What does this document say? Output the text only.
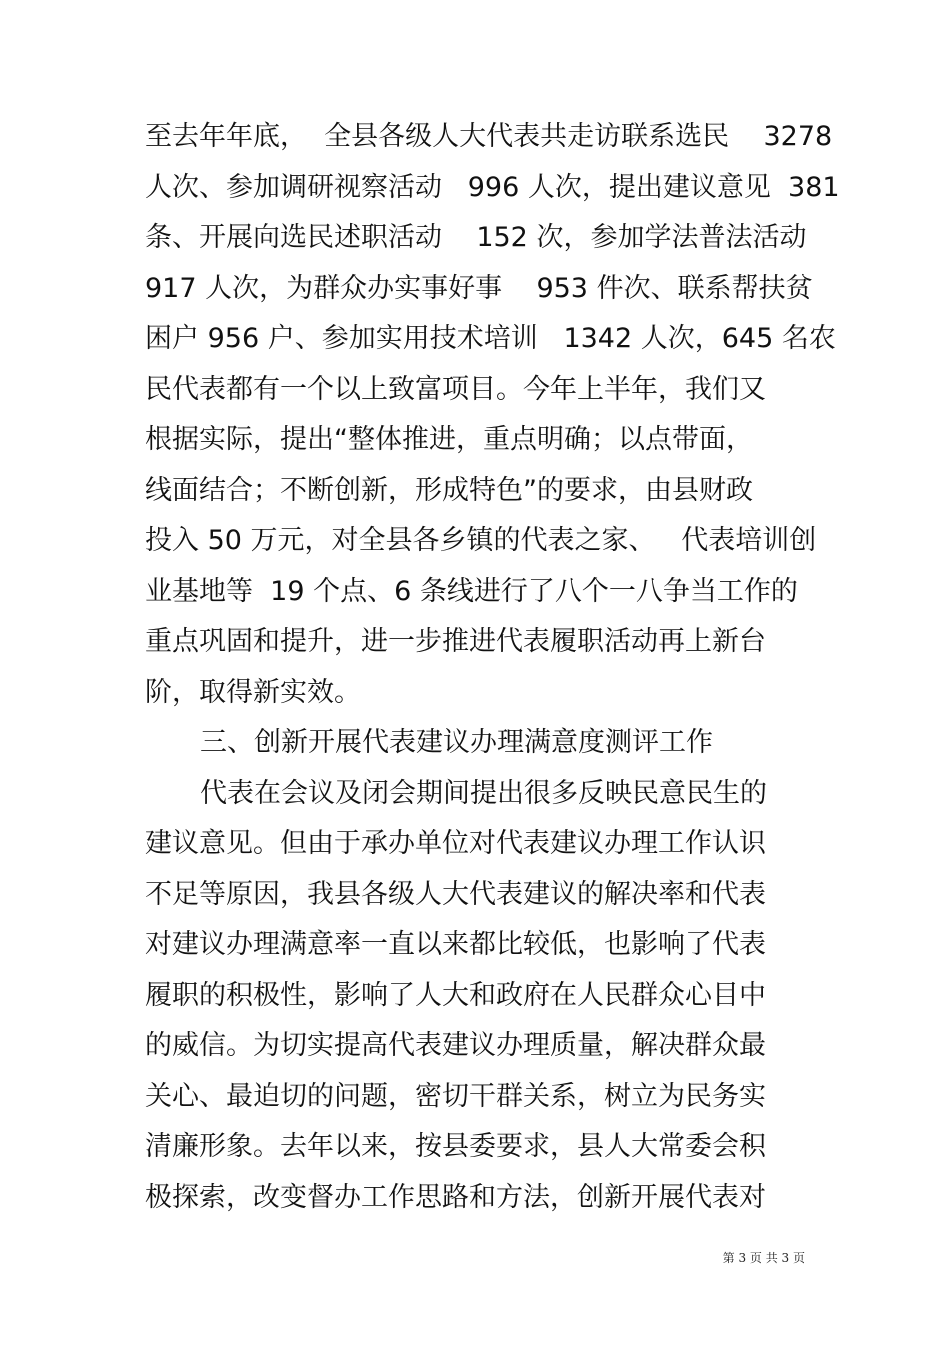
至去年年底，  全县各级人大代表共走访联系选民    3278
人次、参加调研视察活动   996 人次，提出建议意见  381
条、开展向选民述职活动    152 次，参加学法普法活动
917 人次，为群众办实事好事    953 件次、联系帮扶贫
困户 956 户、参加实用技术培训   1342 人次，645 名农
民代表都有一个以上致富项目。今年上半年，我们又
根据实际，提出“整体推进，重点明确；以点带面，
线面结合；不断创新，形成特色”的要求，由县财政
投入 50 万元，对全县各乡镇的代表之家、   代表培训创
业基地等  19 个点、6 条线进行了八个一八争当工作的
重点巩固和提升，进一步推进代表履职活动再上新台
阶，取得新实效。
三、创新开展代表建议办理满意度测评工作
代表在会议及闭会期间提出很多反映民意民生的
建议意见。但由于承办单位对代表建议办理工作认识
不足等原因，我县各级人大代表建议的解决率和代表
对建议办理满意率一直以来都比较低，也影响了代表
履职的积极性，影响了人大和政府在人民群众心目中
的威信。为切实提高代表建议办理质量，解决群众最
关心、最迫切的问题，密切干群关系，树立为民务实
清廉形象。去年以来，按县委要求，县人大常委会积
极探索，改变督办工作思路和方法，创新开展代表对
第 3 页 共 3 页
